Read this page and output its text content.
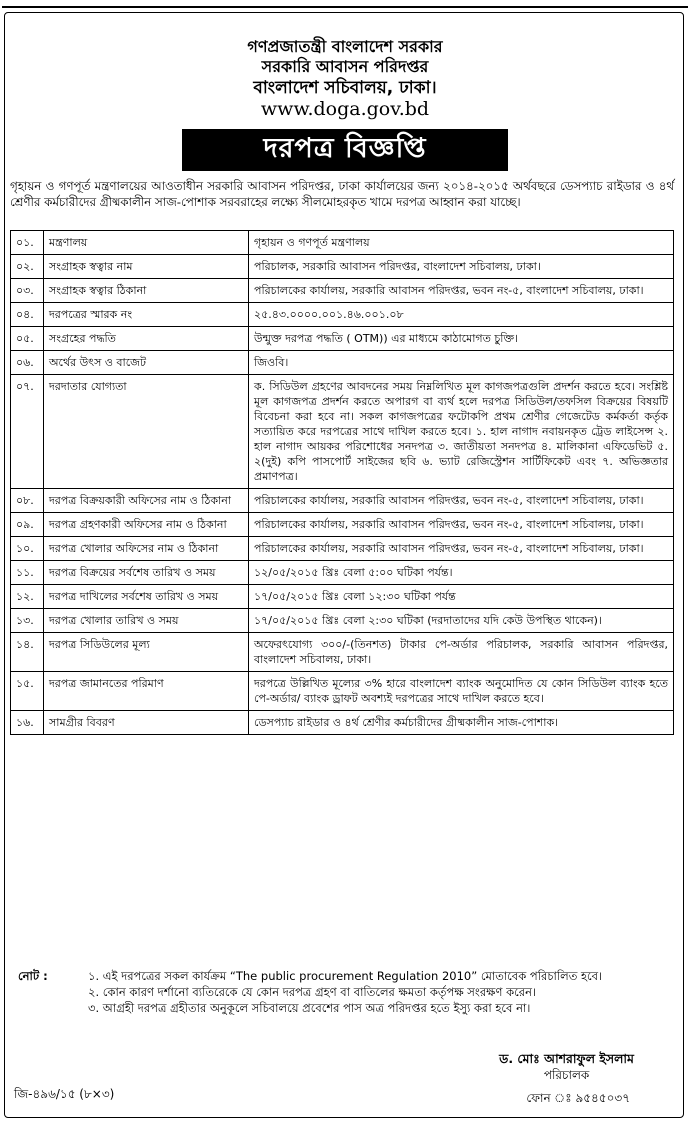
গণপ্রজাতন্ত্রী বাংলাদেশ সরকার
সরকারি আবাসন পরিদপ্তর
বাংলাদেশ সচিবালয়, ঢাকা।
www.doga.gov.bd
দরপত্র বিজ্ঞপ্তি
গৃহায়ন ও গণপূর্ত মন্ত্রণালয়ের আওতাধীন সরকারি আবাসন পরিদপ্তর, ঢাকা কার্যালয়ের জন্য ২০১৪-২০১৫ অর্থবছরে ডেসপ্যাচ রাইডার ও ৪র্থ শ্রেণীর কর্মচারীদের গ্রীষ্মকালীন সাজ-পোশাক সরবরাহের লক্ষ্যে সীলমোহরকৃত খামে দরপত্র আহ্বান করা যাচ্ছে।
০১.	মন্ত্রণালয়	গৃহায়ন ও গণপূর্ত মন্ত্রণালয়
০২.	সংগ্রাহক স্বত্বার নাম	পরিচালক, সরকারি আবাসন পরিদপ্তর, বাংলাদেশ সচিবালয়, ঢাকা।
০৩.	সংগ্রাহক স্বত্বার ঠিকানা	পরিচালকের কার্যালয়, সরকারি আবাসন পরিদপ্তর, ভবন নং-৫, বাংলাদেশ সচিবালয়, ঢাকা।
০৪.	দরপত্রের স্মারক নং	২৫.৪৩.০০০০.০০১.৪৬.০০১.০৮
০৫.	সংগ্রহের পদ্ধতি	উন্মুক্ত দরপত্র পদ্ধতি ( OTM)) এর মাধ্যমে কাঠামোগত চুক্তি।
০৬.	অর্থের উৎস ও বাজেট	জিওবি।
০৭.	দরদাতার যোগ্যতা	ক. সিডিউল গ্রহণের আবদনের সময় নিম্নলিখিত মূল কাগজপত্রগুলি প্রদর্শন করতে হবে। সংশ্লিষ্ট মূল কাগজপত্র প্রদর্শন করতে অপারগ বা ব্যর্থ হলে দরপত্র সিডিউল/তফসিল বিক্রয়ের বিষয়টি বিবেচনা করা হবে না। সকল কাগজপত্রের ফটোকপি প্রথম শ্রেণীর গেজেটেড কর্মকর্তা কর্তৃক সত্যায়িত করে দরপত্রের সাথে দাখিল করতে হবে। ১. হাল নাগাদ নবায়নকৃত ট্রেড লাইসেন্স ২. হাল নাগাদ আয়কর পরিশোধের সনদপত্র ৩. জাতীয়তা সনদপত্র ৪. মালিকানা এফিডেভিট ৫. ২(দুই) কপি পাসপোর্ট সাইজের ছবি ৬. ভ্যাট রেজিস্ট্রেশন সার্টিফিকেট এবং ৭. অভিজ্ঞতার প্রমাণপত্র।
০৮.	দরপত্র বিক্রয়কারী অফিসের নাম ও ঠিকানা	পরিচালকের কার্যালয়, সরকারি আবাসন পরিদপ্তর, ভবন নং-৫, বাংলাদেশ সচিবালয়, ঢাকা।
০৯.	দরপত্র গ্রহণকারী অফিসের নাম ও ঠিকানা	পরিচালকের কার্যালয়, সরকারি আবাসন পরিদপ্তর, ভবন নং-৫, বাংলাদেশ সচিবালয়, ঢাকা।
১০.	দরপত্র খোলার অফিসের নাম ও ঠিকানা	পরিচালকের কার্যালয়, সরকারি আবাসন পরিদপ্তর, ভবন নং-৫, বাংলাদেশ সচিবালয়, ঢাকা।
১১.	দরপত্র বিক্রয়ের সর্বশেষ তারিখ ও সময়	১২/০৫/২০১৫ খ্রিঃ বেলা ৫:০০ ঘটিকা পর্যন্ত।
১২.	দরপত্র দাখিলের সর্বশেষ তারিখ ও সময়	১৭/০৫/২০১৫ খ্রিঃ বেলা ১২:৩০ ঘটিকা পর্যন্ত
১৩.	দরপত্র খোলার তারিখ ও সময়	১৭/০৫/২০১৫ খ্রিঃ বেলা ২:৩০ ঘটিকা (দরদাতাদের যদি কেউ উপস্থিত থাকেন)।
১৪.	দরপত্র সিডিউলের মূল্য	অফেরৎযোগ্য ৩০০/-(তিনশত) টাকার পে-অর্ডার পরিচালক, সরকারি আবাসন পরিদপ্তর, বাংলাদেশ সচিবালয়, ঢাকা।
১৫.	দরপত্র জামানতের পরিমাণ	দরপত্রে উল্লিখিত মূল্যের ৩% হারে বাংলাদেশ ব্যাংক অনুমোদিত যে কোন সিডিউল ব্যাংক হতে পে-অর্ডার/ ব্যাংক ড্রাফট অবশ্যই দরপত্রের সাথে দাখিল করতে হবে।
১৬.	সামগ্রীর বিবরণ	ডেসপ্যাচ রাইডার ও ৪র্থ শ্রেণীর কর্মচারীদের গ্রীষ্মকালীন সাজ-পোশাক।
নোট :	১. এই দরপত্রের সকল কার্যক্রম “The public procurement Regulation 2010” মোতাবেক পরিচালিত হবে।
২. কোন কারণ দর্শানো ব্যতিরেকে যে কোন দরপত্র গ্রহণ বা বাতিলের ক্ষমতা কর্তৃপক্ষ সংরক্ষণ করেন।
৩. আগ্রহী দরপত্র গ্রহীতার অনুকূলে সচিবালয়ে প্রবেশের পাস অত্র পরিদপ্তর হতে ইস্যু করা হবে না।
ড. মোঃ আশরাফুল ইসলাম
পরিচালক
ফোন ঃ ৯৫৪৫০৩৭
জি-৪৯৬/১৫ (৮×৩)
